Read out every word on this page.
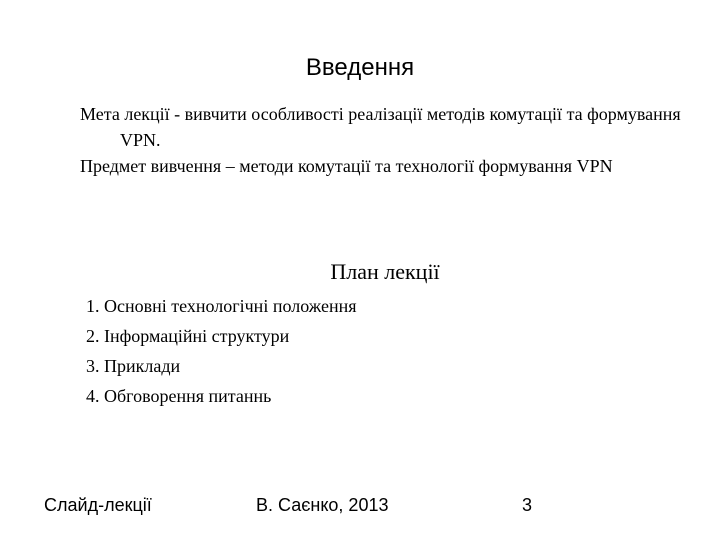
Введення

Мета лекції - вивчити особливості реалізації методів комутації та формування VPN.

Предмет вивчення – методи комутації та технології формування VPN

План лекції
1. Основні технологічні положення
2. Інформаційні структури
3. Приклади
4. Обговорення питаннь
Слайд-лекції	В. Саєнко, 2013	3
